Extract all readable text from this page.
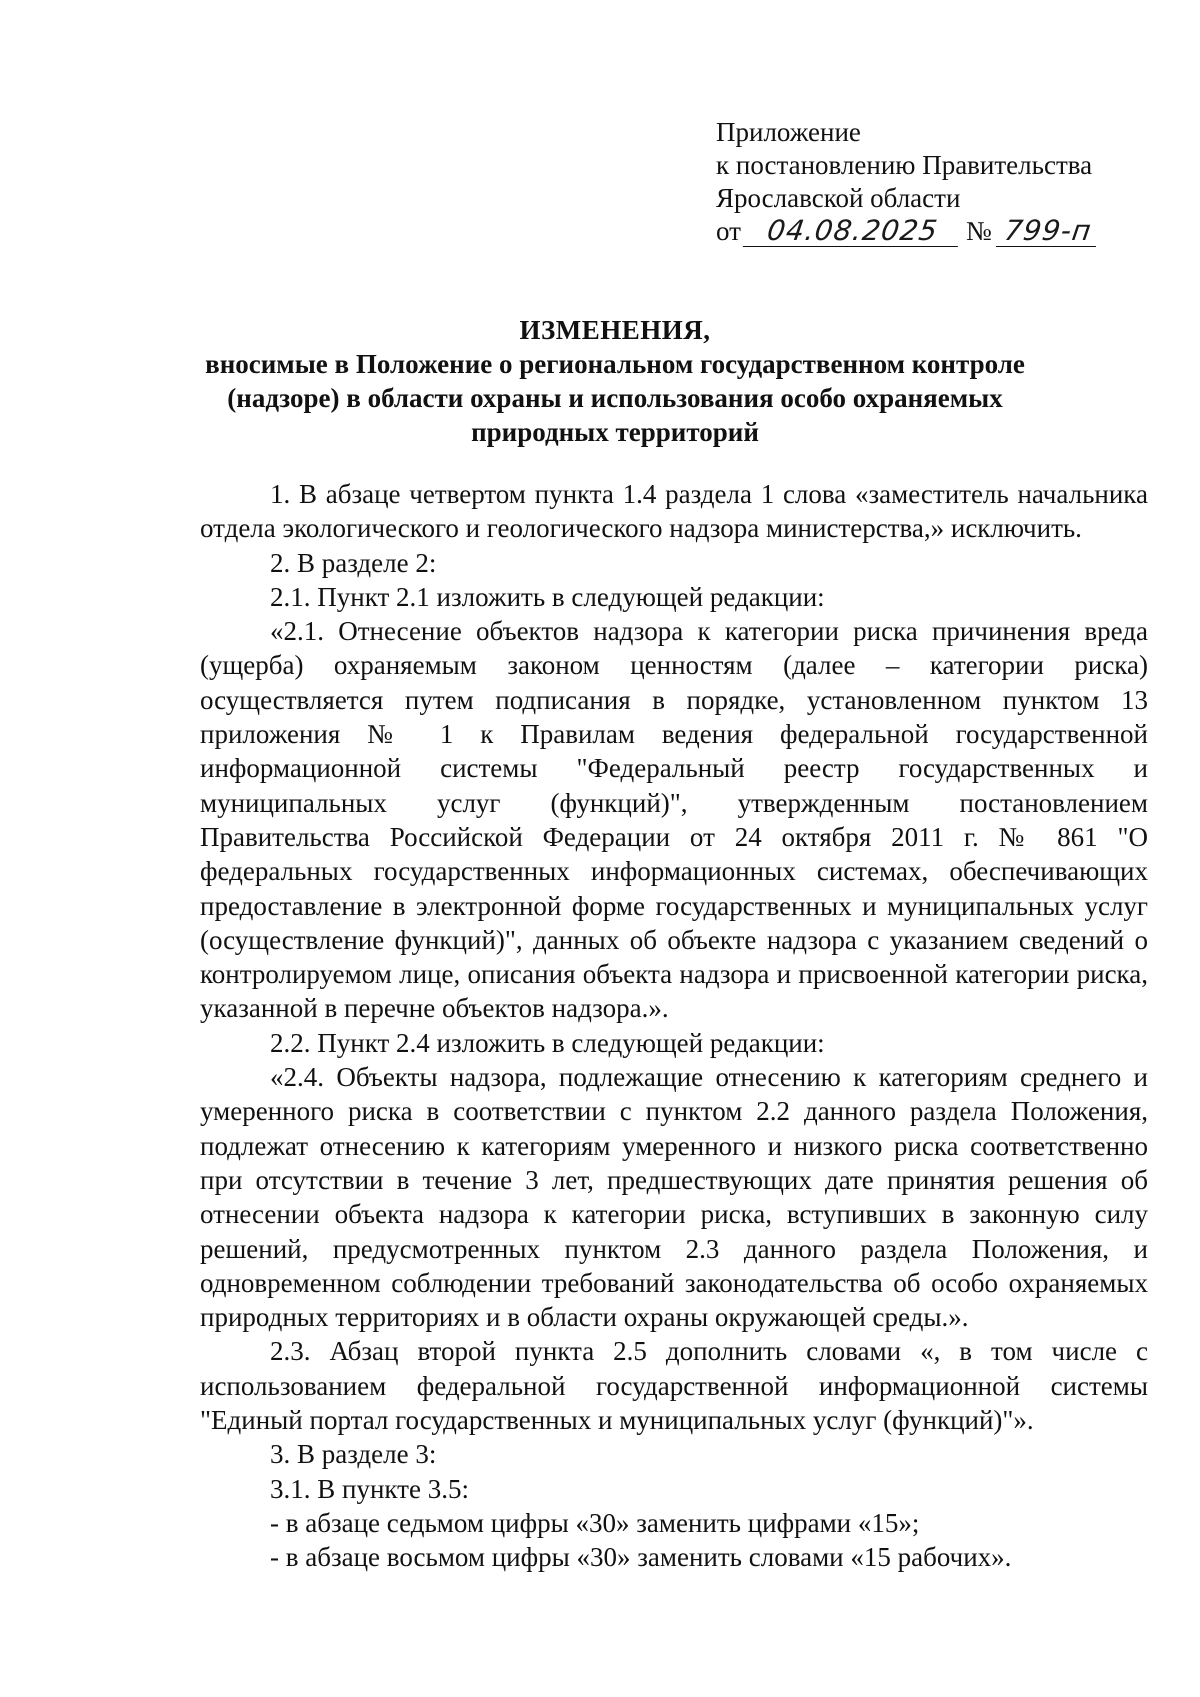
Приложение
к постановлению Правительства
Ярославской области
от 04.08.2025 № 799-п
ИЗМЕНЕНИЯ,
вносимые в Положение о региональном государственном контроле
(надзоре) в области охраны и использования особо охраняемых
природных территорий

1. В абзаце четвертом пункта 1.4 раздела 1 слова «заместитель начальника отдела экологического и геологического надзора министерства,» исключить.

2. В разделе 2:

2.1. Пункт 2.1 изложить в следующей редакции:

«2.1. Отнесение объектов надзора к категории риска причинения вреда (ущерба) охраняемым законом ценностям (далее – категории риска) осуществляется путем подписания в порядке, установленном пунктом 13 приложения № 1 к Правилам ведения федеральной государственной информационной системы "Федеральный реестр государственных и муниципальных услуг (функций)", утвержденным постановлением Правительства Российской Федерации от 24 октября 2011 г. № 861 "О федеральных государственных информационных системах, обеспечивающих предоставление в электронной форме государственных и муниципальных услуг (осуществление функций)", данных об объекте надзора с указанием сведений о контролируемом лице, описания объекта надзора и присвоенной категории риска, указанной в перечне объектов надзора.».

2.2. Пункт 2.4 изложить в следующей редакции:

«2.4. Объекты надзора, подлежащие отнесению к категориям среднего и умеренного риска в соответствии с пунктом 2.2 данного раздела Положения, подлежат отнесению к категориям умеренного и низкого риска соответственно при отсутствии в течение 3 лет, предшествующих дате принятия решения об отнесении объекта надзора к категории риска, вступивших в законную силу решений, предусмотренных пунктом 2.3 данного раздела Положения, и одновременном соблюдении требований законодательства об особо охраняемых природных территориях и в области охраны окружающей среды.».

2.3. Абзац второй пункта 2.5 дополнить словами «, в том числе с использованием федеральной государственной информационной системы "Единый портал государственных и муниципальных услуг (функций)"».

3. В разделе 3:

3.1. В пункте 3.5:

- в абзаце седьмом цифры «30» заменить цифрами «15»;

- в абзаце восьмом цифры «30» заменить словами «15 рабочих».
